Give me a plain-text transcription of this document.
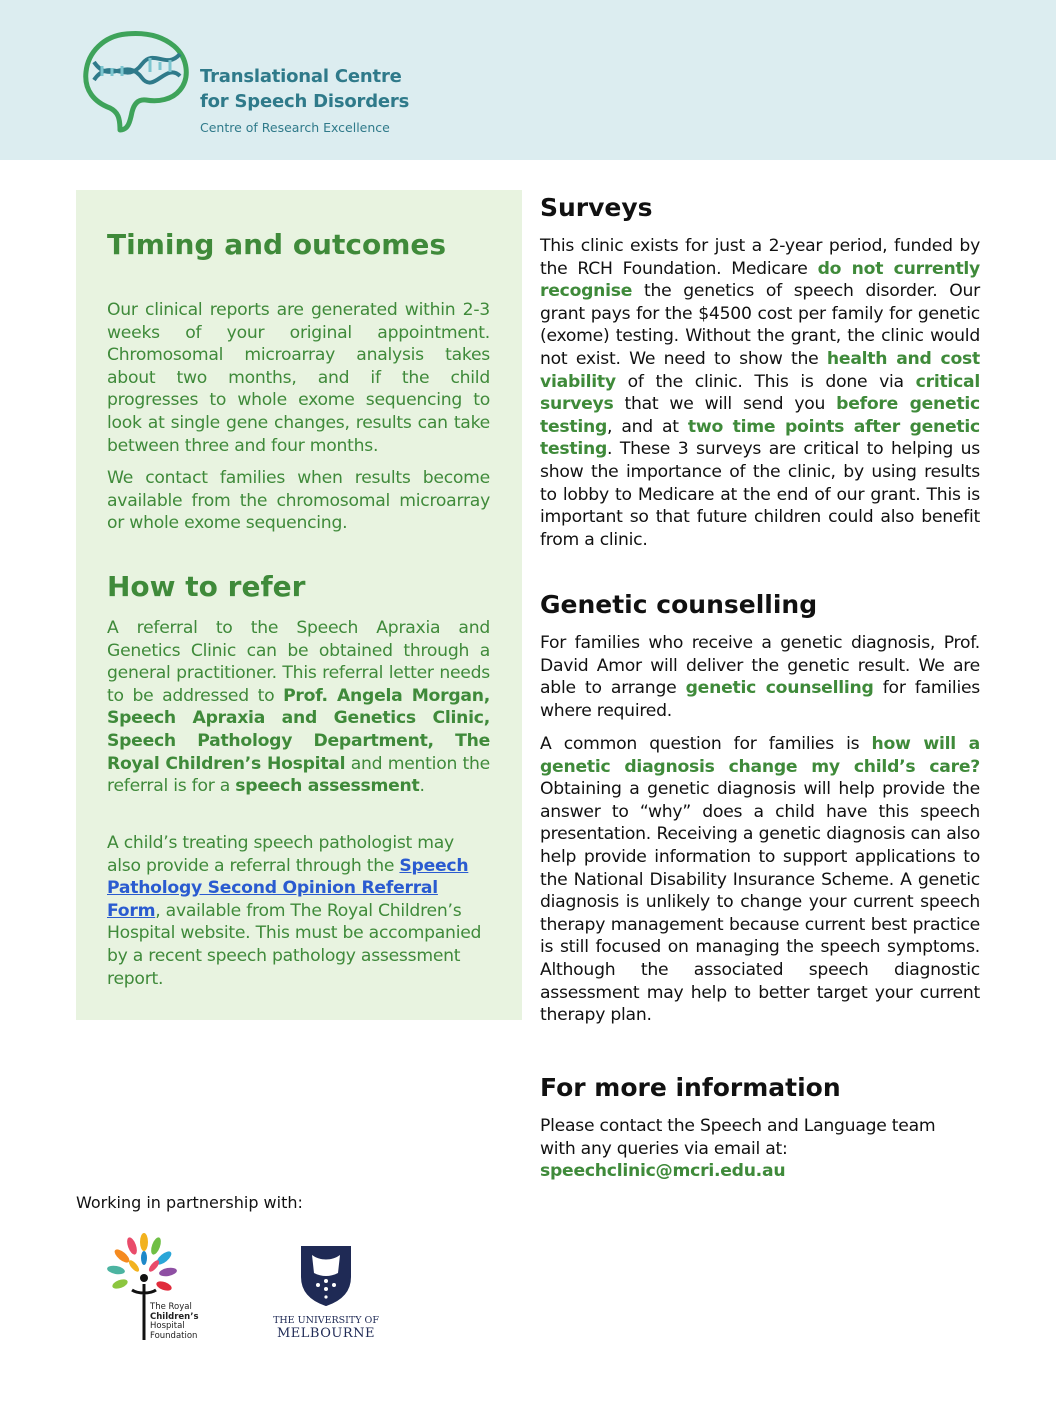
Translational Centre
for Speech Disorders
Centre of Research Excellence
Timing and outcomes

Our clinical reports are generated within 2-3 weeks of your original appointment. Chromosomal microarray analysis takes about two months, and if the child progresses to whole exome sequencing to look at single gene changes, results can take between three and four months.

We contact families when results become available from the chromosomal microarray or whole exome sequencing.

How to refer

A referral to the Speech Apraxia and Genetics Clinic can be obtained through a general practitioner. This referral letter needs to be addressed to Prof. Angela Morgan, Speech Apraxia and Genetics Clinic, Speech Pathology Department, The Royal Children’s Hospital and mention the referral is for a speech assessment.

A child’s treating speech pathologist may also provide a referral through the Speech Pathology Second Opinion Referral Form, available from The Royal Children’s Hospital website. This must be accompanied by a recent speech pathology assessment report.

Surveys

This clinic exists for just a 2-year period, funded by the RCH Foundation. Medicare do not currently recognise the genetics of speech disorder. Our grant pays for the $4500 cost per family for genetic (exome) testing. Without the grant, the clinic would not exist. We need to show the health and cost viability of the clinic. This is done via critical surveys that we will send you before genetic testing, and at two time points after genetic testing. These 3 surveys are critical to helping us show the importance of the clinic, by using results to lobby to Medicare at the end of our grant. This is important so that future children could also benefit from a clinic.

Genetic counselling

For families who receive a genetic diagnosis, Prof. David Amor will deliver the genetic result. We are able to arrange genetic counselling for families where required.

A common question for families is how will a genetic diagnosis change my child’s care? Obtaining a genetic diagnosis will help provide the answer to “why” does a child have this speech presentation. Receiving a genetic diagnosis can also help provide information to support applications to the National Disability Insurance Scheme. A genetic diagnosis is unlikely to change your current speech therapy management because current best practice is still focused on managing the speech symptoms. Although the associated speech diagnostic assessment may help to better target your current therapy plan.

For more information

Please contact the Speech and Language team with any queries via email at:

speechclinic@mcri.edu.au

Working in partnership with:
The Royal
Children’s
Hospital
Foundation
THE UNIVERSITY OF
MELBOURNE
